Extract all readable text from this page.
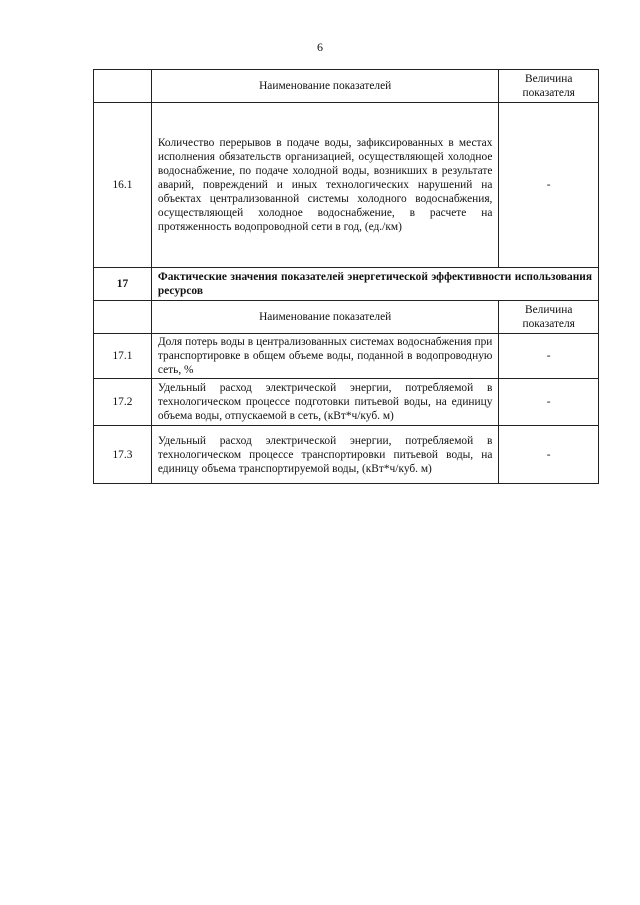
6
	Наименование показателей	Величина показателя
16.1	Количество перерывов в подаче воды, зафиксированных в местах исполнения обязательств организацией, осуществляющей холодное водоснабжение, по подаче холодной воды, возникших в результате аварий, повреждений и иных технологических нарушений на объектах централизованной системы холодного водоснабжения, осуществляющей холодное водоснабжение, в расчете на протяженность водопроводной сети в год, (ед./км)	-
17	Фактические значения показателей энергетической эффективности использования ресурсов	
	Наименование показателей	Величина показателя
17.1	Доля потерь воды в централизованных системах водоснабжения при транспортировке в общем объеме воды, поданной в водопроводную сеть, %	-
17.2	Удельный расход электрической энергии, потребляемой в технологическом процессе подготовки питьевой воды, на единицу объема воды, отпускаемой в сеть, (кВт*ч/куб. м)	-
17.3	Удельный расход электрической энергии, потребляемой в технологическом процессе транспортировки питьевой воды, на единицу объема транспортируемой воды, (кВт*ч/куб. м)	-
